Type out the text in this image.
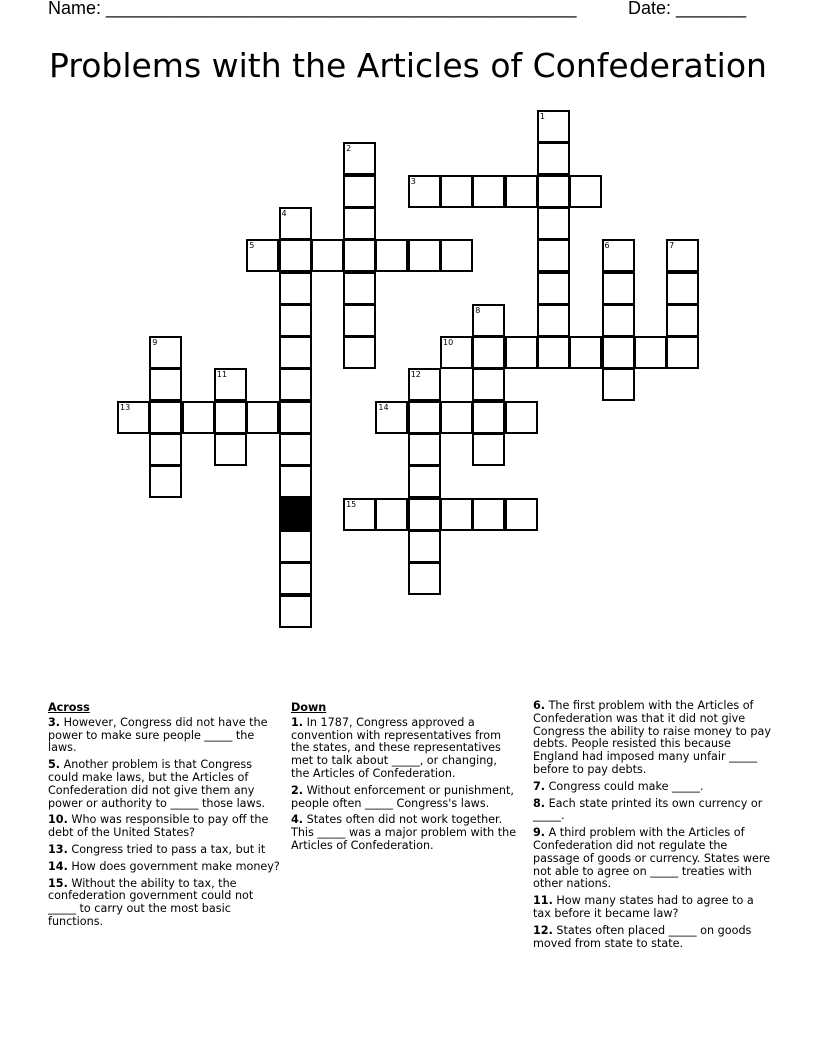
Name: _______________________________________________	Date: _______
Problems with the Articles of Confederation
1
2
3
4
5	6	7
8
9	10
11	12
13	14
15
Across
3. However, Congress did not have the power to make sure people _____ the laws.
5. Another problem is that Congress could make laws, but the Articles of Confederation did not give them any power or authority to _____ those laws.
10. Who was responsible to pay off the debt of the United States?
13. Congress tried to pass a tax, but it
14. How does government make money?
15. Without the ability to tax, the confederation government could not _____ to carry out the most basic functions.
Down
1. In 1787, Congress approved a convention with representatives from the states, and these representatives met to talk about _____, or changing, the Articles of Confederation.
2. Without enforcement or punishment, people often _____ Congress's laws.
4. States often did not work together. This _____ was a major problem with the Articles of Confederation.
6. The first problem with the Articles of Confederation was that it did not give Congress the ability to raise money to pay debts. People resisted this because England had imposed many unfair _____ before to pay debts.
7. Congress could make _____.
8. Each state printed its own currency or _____.
9. A third problem with the Articles of Confederation did not regulate the passage of goods or currency. States were not able to agree on _____ treaties with other nations.
11. How many states had to agree to a tax before it became law?
12. States often placed _____ on goods moved from state to state.
